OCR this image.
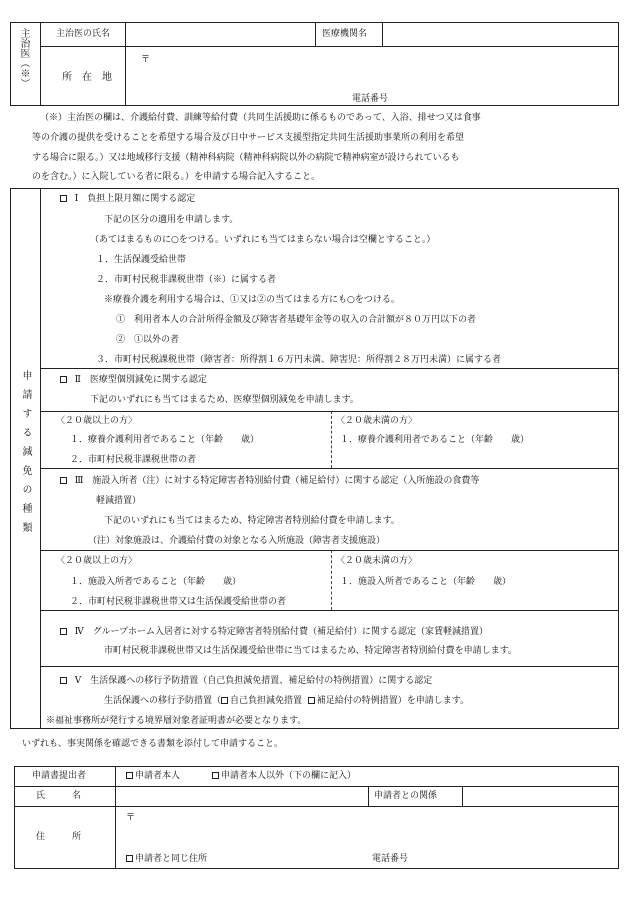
主治医（※）	主治医の氏名	医療機関名
所　在　地
〒
電話番号
（※）主治医の欄は、介護給付費、訓練等給付費（共同生活援助に係るものであって、入浴、排せつ又は食事
等の介護の提供を受けることを希望する場合及び日中サービス支援型指定共同生活援助事業所の利用を希望
する場合に限る。）又は地域移行支援（精神科病院（精神科病院以外の病院で精神病室が設けられているも
のを含む。）に入院している者に限る。）を申請する場合記入すること。
申請する減免の種類
Ⅰ　負担上限月額に関する認定
下記の区分の適用を申請します。
（あてはまるものに○をつける。いずれにも当てはまらない場合は空欄とすること。）
１．生活保護受給世帯
２．市町村民税非課税世帯（※）に属する者
※療養介護を利用する場合は、①又は②の当てはまる方にも○をつける。
①　利用者本人の合計所得金額及び障害者基礎年金等の収入の合計額が８０万円以下の者
②　①以外の者
３．市町村民税課税世帯（障害者：所得割１６万円未満、障害児：所得割２８万円未満）に属する者
Ⅱ　医療型個別減免に関する認定
下記のいずれにも当てはまるため、医療型個別減免を申請します。
〈２０歳以上の方〉
１．療養介護利用者であること（年齢　　歳）
２．市町村民税非課税世帯の者
〈２０歳未満の方〉
１．療養介護利用者であること（年齢　　歳）
Ⅲ　施設入所者（注）に対する特定障害者特別給付費（補足給付）に関する認定（入所施設の食費等
軽減措置）
下記のいずれにも当てはまるため、特定障害者特別給付費を申請します。
（注）対象施設は、介護給付費の対象となる入所施設（障害者支援施設）
〈２０歳以上の方〉
１．施設入所者であること（年齢　　歳）
２．市町村民税非課税世帯又は生活保護受給世帯の者
〈２０歳未満の方〉
１．施設入所者であること（年齢　　歳）
Ⅳ　グループホーム入居者に対する特定障害者特別給付費（補足給付）に関する認定（家賃軽減措置）
市町村民税非課税世帯又は生活保護受給世帯に当てはまるため、特定障害者特別給付費を申請します。
Ⅴ　生活保護への移行予防措置（自己負担減免措置、補足給付の特例措置）に関する認定
生活保護への移行予防措置（ 自己負担減免措置 補足給付の特例措置）を申請します。
※福祉事務所が発行する境界層対象者証明書が必要となります。
いずれも、事実関係を確認できる書類を添付して申請すること。
申請書提出者	申請者本人	申請者本人以外（下の欄に記入）
氏　　　名	申請者との関係
住　　　所
〒
申請者と同じ住所	電話番号
